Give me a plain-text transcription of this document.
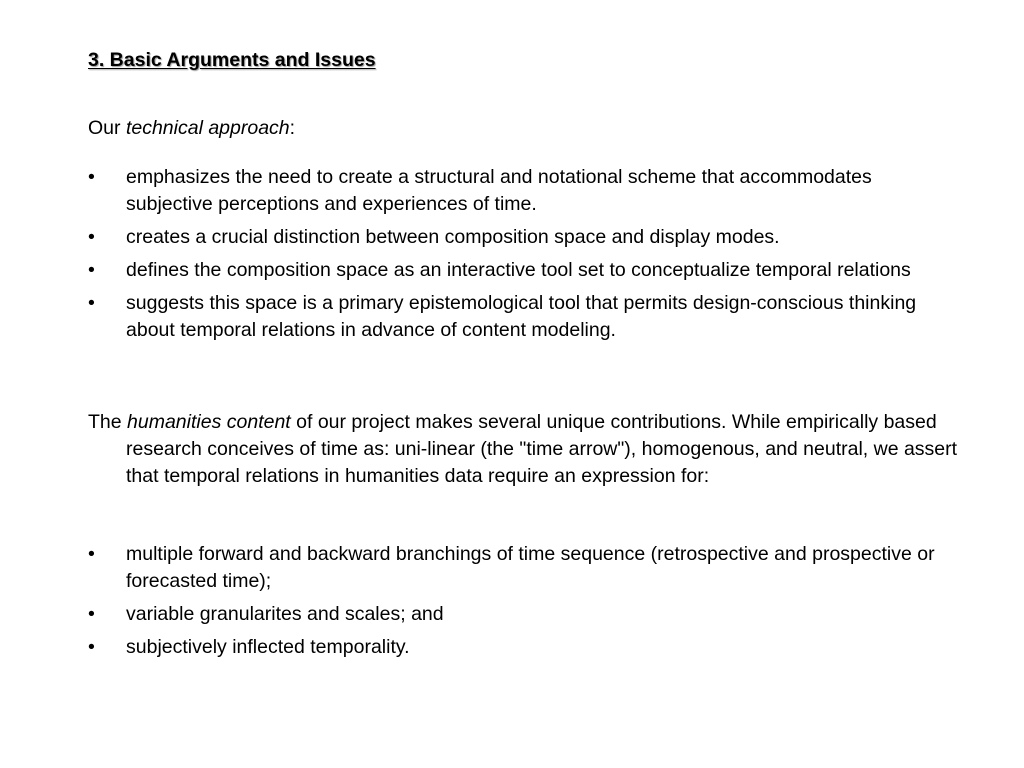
3. Basic Arguments and Issues
Our technical approach:
• emphasizes the need to create a structural and notational scheme that accommodates subjective perceptions and experiences of time.
• creates a crucial distinction between composition space and display modes.
• defines the composition space as an interactive tool set to conceptualize temporal relations
• suggests this space is a primary epistemological tool that permits design-conscious thinking about temporal relations in advance of content modeling.
The humanities content of our project makes several unique contributions. While empirically based research conceives of time as: uni-linear (the "time arrow"), homogenous, and neutral, we assert that temporal relations in humanities data require an expression for:
• multiple forward and backward branchings of time sequence (retrospective and prospective or forecasted time);
• variable granularites and scales; and
• subjectively inflected temporality.
